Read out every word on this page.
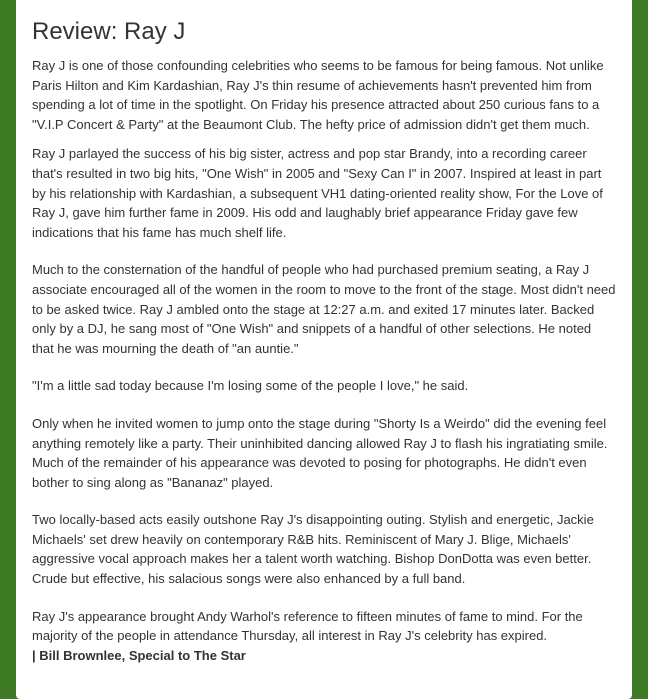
Review: Ray J

Ray J is one of those confounding celebrities who seems to be famous for being famous. Not unlike Paris Hilton and Kim Kardashian, Ray J's thin resume of achievements hasn't prevented him from spending a lot of time in the spotlight. On Friday his presence attracted about 250 curious fans to a "V.I.P Concert & Party" at the Beaumont Club. The hefty price of admission didn't get them much.

Ray J parlayed the success of his big sister, actress and pop star Brandy, into a recording career that's resulted in two big hits, "One Wish" in 2005 and "Sexy Can I" in 2007. Inspired at least in part by his relationship with Kardashian, a subsequent VH1 dating-oriented reality show, For the Love of Ray J, gave him further fame in 2009. His odd and laughably brief appearance Friday gave few indications that his fame has much shelf life.

Much to the consternation of the handful of people who had purchased premium seating, a Ray J associate encouraged all of the women in the room to move to the front of the stage. Most didn't need to be asked twice. Ray J ambled onto the stage at 12:27 a.m. and exited 17 minutes later. Backed only by a DJ, he sang most of "One Wish" and snippets of a handful of other selections. He noted that he was mourning the death of "an auntie."

"I'm a little sad today because I'm losing some of the people I love," he said.

Only when he invited women to jump onto the stage during "Shorty Is a Weirdo" did the evening feel anything remotely like a party. Their uninhibited dancing allowed Ray J to flash his ingratiating smile. Much of the remainder of his appearance was devoted to posing for photographs. He didn't even bother to sing along as "Bananaz" played.

Two locally-based acts easily outshone Ray J's disappointing outing. Stylish and energetic, Jackie Michaels' set drew heavily on contemporary R&B hits. Reminiscent of Mary J. Blige, Michaels' aggressive vocal approach makes her a talent worth watching. Bishop DonDotta was even better. Crude but effective, his salacious songs were also enhanced by a full band.

Ray J's appearance brought Andy Warhol's reference to fifteen minutes of fame to mind. For the majority of the people in attendance Thursday, all interest in Ray J's celebrity has expired.

| Bill Brownlee, Special to The Star
